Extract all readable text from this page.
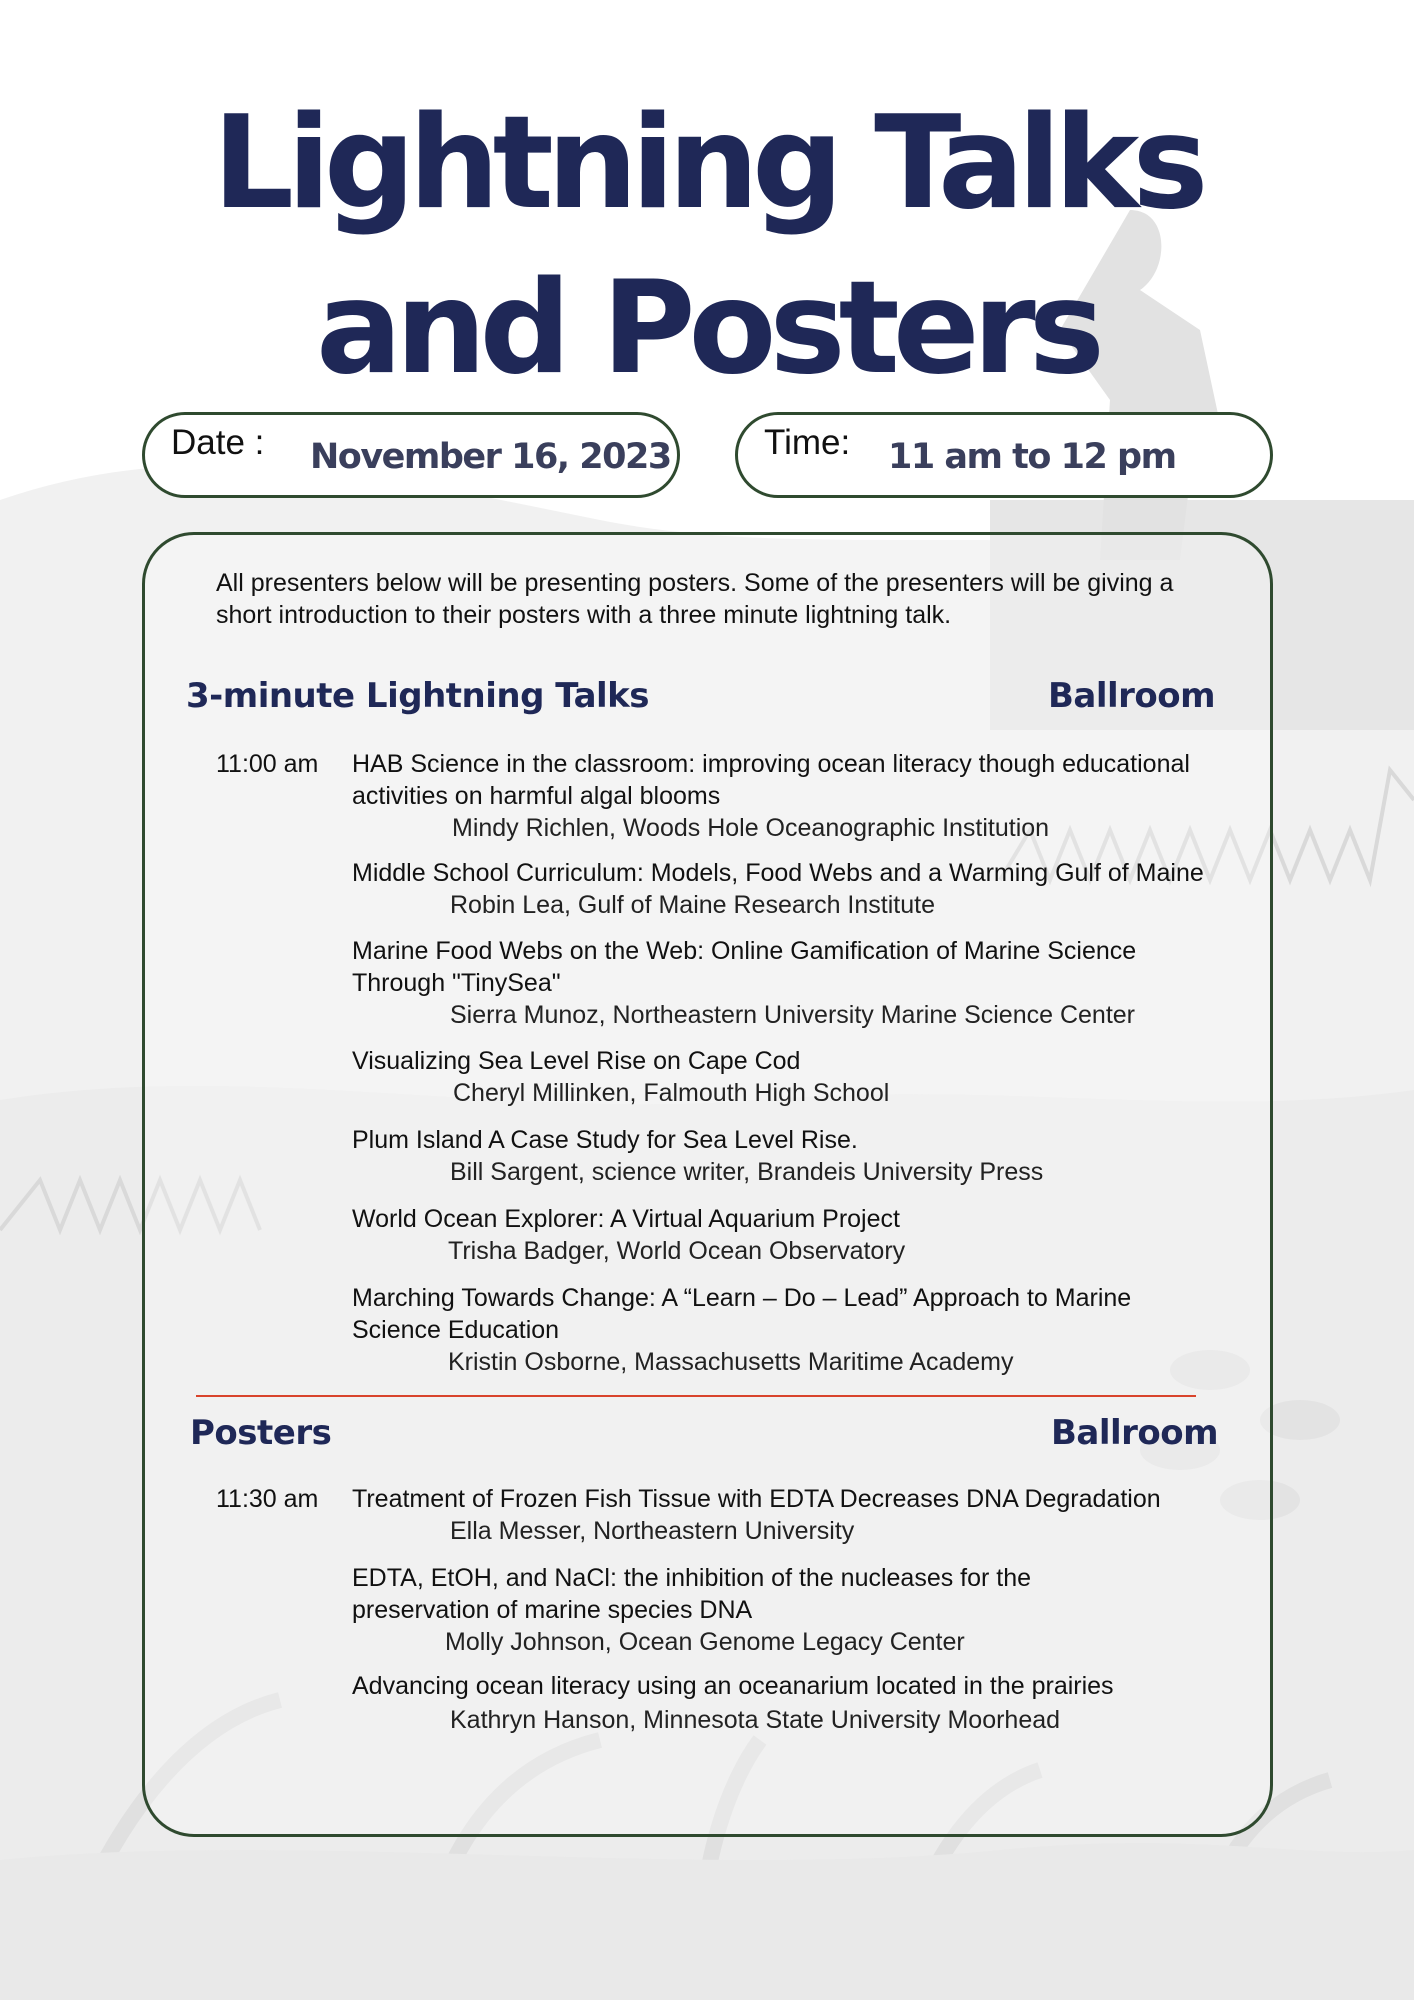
Lightning Talks
and Posters
Date : November 16, 2023	Time: 11 am to 12 pm
All presenters below will be presenting posters. Some of the presenters will be giving a short introduction to their posters with a three minute lightning talk.
3-minute Lightning Talks	Ballroom
11:00 am HAB Science in the classroom: improving ocean literacy though educational activities on harmful algal blooms
Mindy Richlen, Woods Hole Oceanographic Institution
Middle School Curriculum: Models, Food Webs and a Warming Gulf of Maine
Robin Lea, Gulf of Maine Research Institute
Marine Food Webs on the Web: Online Gamification of Marine Science Through "TinySea"
Sierra Munoz, Northeastern University Marine Science Center
Visualizing Sea Level Rise on Cape Cod
Cheryl Millinken, Falmouth High School
Plum Island A Case Study for Sea Level Rise.
Bill Sargent, science writer, Brandeis University Press
World Ocean Explorer: A Virtual Aquarium Project
Trisha Badger, World Ocean Observatory
Marching Towards Change: A “Learn – Do – Lead” Approach to Marine Science Education
Kristin Osborne, Massachusetts Maritime Academy
Posters	Ballroom
11:30 am Treatment of Frozen Fish Tissue with EDTA Decreases DNA Degradation
Ella Messer, Northeastern University
EDTA, EtOH, and NaCl: the inhibition of the nucleases for the preservation of marine species DNA
Molly Johnson, Ocean Genome Legacy Center
Advancing ocean literacy using an oceanarium located in the prairies
Kathryn Hanson, Minnesota State University Moorhead
